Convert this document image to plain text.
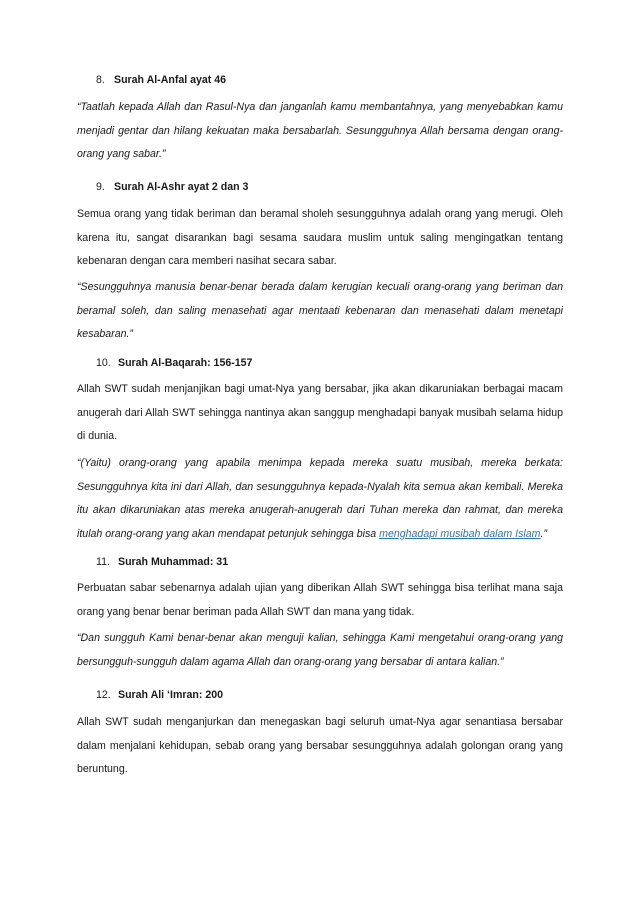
8. Surah Al-Anfal ayat 46
“Taatlah kepada Allah dan Rasul-Nya dan janganlah kamu membantahnya, yang menyebabkan kamu
menjadi gentar dan hilang kekuatan maka bersabarlah. Sesungguhnya Allah bersama dengan orang-
orang yang sabar.”
9. Surah Al-Ashr ayat 2 dan 3
Semua orang yang tidak beriman dan beramal sholeh sesungguhnya adalah orang yang merugi. Oleh
karena itu, sangat disarankan bagi sesama saudara muslim untuk saling mengingatkan tentang
kebenaran dengan cara memberi nasihat secara sabar.
“Sesungguhnya manusia benar-benar berada dalam kerugian kecuali orang-orang yang beriman dan
beramal soleh, dan saling menasehati agar mentaati kebenaran dan menasehati dalam menetapi
kesabaran.”
10. Surah Al-Baqarah: 156-157
Allah SWT sudah menjanjikan bagi umat-Nya yang bersabar, jika akan dikaruniakan berbagai macam
anugerah dari Allah SWT sehingga nantinya akan sanggup menghadapi banyak musibah selama hidup
di dunia.
“(Yaitu) orang-orang yang apabila menimpa kepada mereka suatu musibah, mereka berkata:
Sesungguhnya kita ini dari Allah, dan sesungguhnya kepada-Nyalah kita semua akan kembali. Mereka
itu akan dikaruniakan atas mereka anugerah-anugerah dari Tuhan mereka dan rahmat, dan mereka
itulah orang-orang yang akan mendapat petunjuk sehingga bisa menghadapi musibah dalam Islam.”
11. Surah Muhammad: 31
Perbuatan sabar sebenarnya adalah ujian yang diberikan Allah SWT sehingga bisa terlihat mana saja
orang yang benar benar beriman pada Allah SWT dan mana yang tidak.
“Dan sungguh Kami benar-benar akan menguji kalian, sehingga Kami mengetahui orang-orang yang
bersungguh-sungguh dalam agama Allah dan orang-orang yang bersabar di antara kalian.”
12. Surah Ali ‘Imran: 200
Allah SWT sudah menganjurkan dan menegaskan bagi seluruh umat-Nya agar senantiasa bersabar
dalam menjalani kehidupan, sebab orang yang bersabar sesungguhnya adalah golongan orang yang
beruntung.
